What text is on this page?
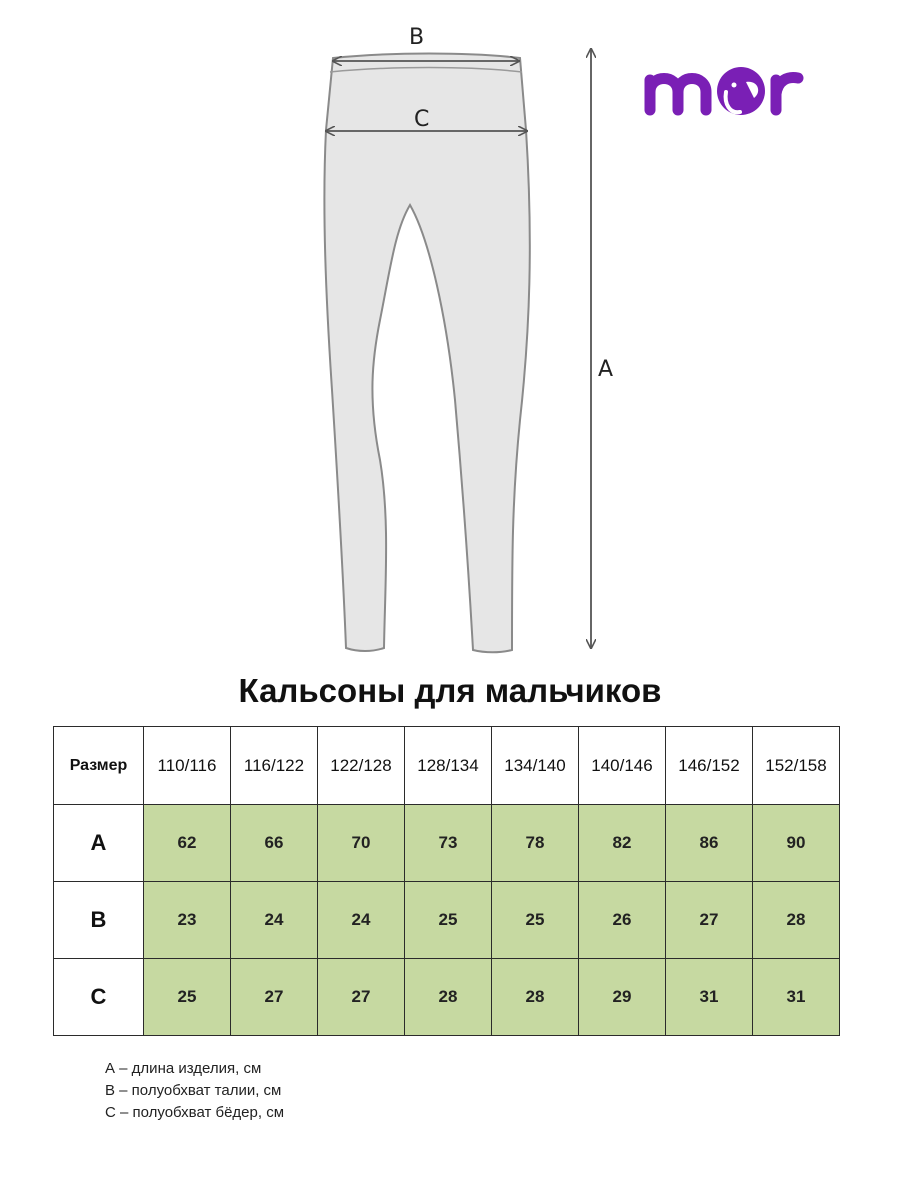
B
C
A
Кальсоны для мальчиков
Размер	110/116	116/122	122/128	128/134	134/140	140/146	146/152	152/158
A	62	66	70	73	78	82	86	90
B	23	24	24	25	25	26	27	28
C	25	27	27	28	28	29	31	31
А – длина изделия, см
В – полуобхват талии, см
С – полуобхват бёдер, см
